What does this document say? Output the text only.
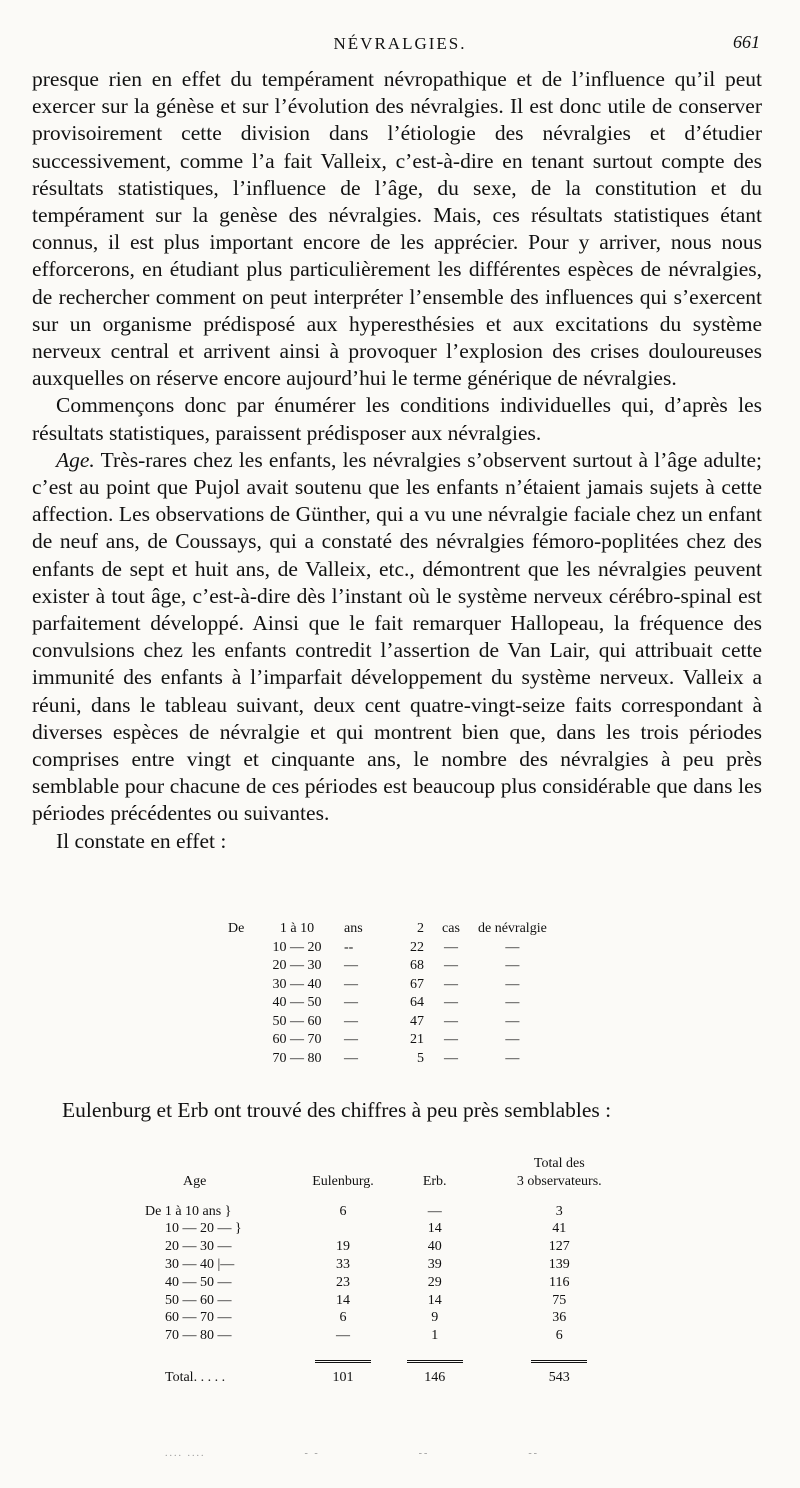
NÉVRALGIES.	661

presque rien en effet du tempérament névropathique et de l’influence qu’il peut exercer sur la génèse et sur l’évolution des névralgies. Il est donc utile de conserver provisoirement cette division dans l’étiologie des névralgies et d’étudier successivement, comme l’a fait Valleix, c’est-à-dire en tenant surtout compte des résultats statistiques, l’influence de l’âge, du sexe, de la constitution et du tempérament sur la genèse des névralgies. Mais, ces résultats statistiques étant connus, il est plus important encore de les apprécier. Pour y arriver, nous nous efforcerons, en étudiant plus particulièrement les différentes espèces de névralgies, de rechercher comment on peut interpréter l’ensemble des influences qui s’exercent sur un organisme prédisposé aux hyperesthésies et aux excitations du système nerveux central et arrivent ainsi à provoquer l’explosion des crises douloureuses auxquelles on réserve encore aujourd’hui le terme générique de névralgies.

Commençons donc par énumérer les conditions individuelles qui, d’après les résultats statistiques, paraissent prédisposer aux névralgies.

Age. Très-rares chez les enfants, les névralgies s’observent surtout à l’âge adulte; c’est au point que Pujol avait soutenu que les enfants n’étaient jamais sujets à cette affection. Les observations de Günther, qui a vu une névralgie faciale chez un enfant de neuf ans, de Coussays, qui a constaté des névralgies fémoro-poplitées chez des enfants de sept et huit ans, de Valleix, etc., démontrent que les névralgies peuvent exister à tout âge, c’est-à-dire dès l’instant où le système nerveux cérébro-spinal est parfaitement développé. Ainsi que le fait remarquer Hallopeau, la fréquence des convulsions chez les enfants contredit l’assertion de Van Lair, qui attribuait cette immunité des enfants à l’imparfait développement du système nerveux. Valleix a réuni, dans le tableau suivant, deux cent quatre-vingt-seize faits correspondant à diverses espèces de névralgie et qui montrent bien que, dans les trois périodes comprises entre vingt et cinquante ans, le nombre des névralgies à peu près semblable pour chacune de ces périodes est beaucoup plus considérable que dans les périodes précédentes ou suivantes.

Il constate en effet :

De	1 à 10	ans	2	cas	de névralgie
	10 — 20	--	22	—	—
	20 — 30	—	68	—	—
	30 — 40	—	67	—	—
	40 — 50	—	64	—	—
	50 — 60	—	47	—	—
	60 — 70	—	21	—	—
	70 — 80	—	5	—	—
Eulenburg et Erb ont trouvé des chiffres à peu près semblables :
Age	Eulenburg.	Erb.	Total des
3 observateurs.
De 1 à 10 ans }	6	—	3
10 — 20 — }		14	41
20 — 30 —	19	40	127
30 — 40 |—	33	39	139
40 — 50 —	23	29	116
50 — 60 —	14	14	75
60 — 70 —	6	9	36
70 — 80 —	—	1	6

Total. . . . .	101	146	543
.... ....                      - -                      --                      --
